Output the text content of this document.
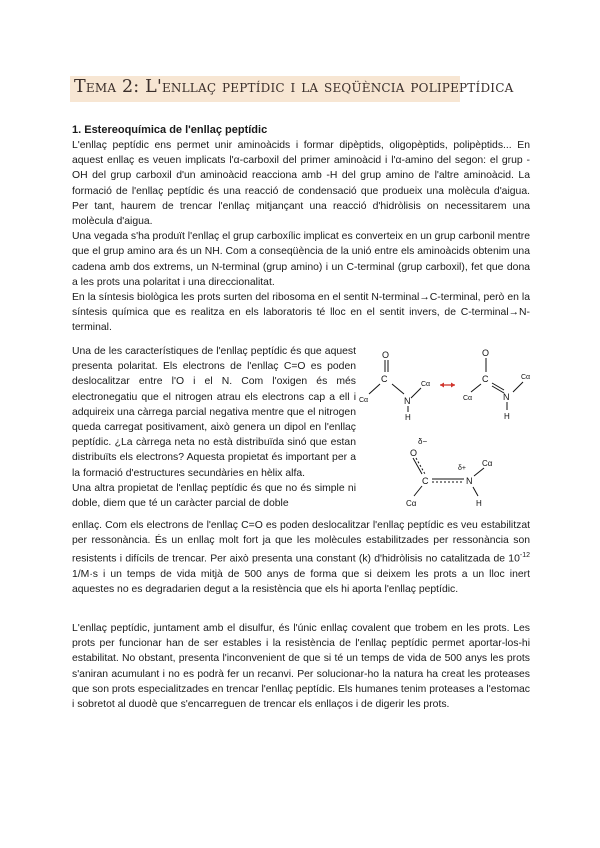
Tema 2: L'enllaç peptídic i la seqüència polipeptídica
1. Estereoquímica de l'enllaç peptídic

L'enllaç peptídic ens permet unir aminoàcids i formar dipèptids, oligopèptids, polipèptids... En aquest enllaç es veuen implicats l'α-carboxil del primer aminoàcid i l'α-amino del segon: el grup -OH del grup carboxil d'un aminoàcid reacciona amb -H del grup amino de l'altre aminoàcid. La formació de l'enllaç peptídic és una reacció de condensació que produeix una molècula d'aigua. Per tant, haurem de trencar l'enllaç mitjançant una reacció d'hidròlisis on necessitarem una molècula d'aigua.

Una vegada s'ha produït l'enllaç el grup carboxílic implicat es converteix en un grup carbonil mentre que el grup amino ara és un NH. Com a conseqüència de la unió entre els aminoàcids obtenim una cadena amb dos extrems, un N-terminal (grup amino) i un C-terminal (grup carboxil), fet que dona a les prots una polaritat i una direccionalitat.

En la síntesis biològica les prots surten del ribosoma en el sentit N-terminal→C-terminal, però en la síntesis química que es realitza en els laboratoris té lloc en el sentit invers, de C-terminal→N-terminal.

Una de les característiques de l'enllaç peptídic és que aquest presenta polaritat. Els electrons de l'enllaç C=O es poden deslocalitzar entre l'O i el N. Com l'oxigen és més electronegatiu que el nitrogen atrau els electrons cap a ell i adquireix una càrrega parcial negativa mentre que el nitrogen queda carregat positivament, això genera un dipol en l'enllaç peptídic. ¿La càrrega neta no està distribuïda sinó que estan distribuïts els electrons? Aquesta propietat és important per a la formació d'estructures secundàries en hèlix alfa.

Una altra propietat de l'enllaç peptídic és que no és simple ni doble, diem que té un caràcter parcial de doble

enllaç. Com els electrons de l'enllaç C=O es poden deslocalitzar l'enllaç peptídic es veu estabilitzat per ressonància. És un enllaç molt fort ja que les molècules estabilitzades per ressonància son resistents i difícils de trencar. Per això presenta una constant (k) d'hidròlisis no catalitzada de $10^{-12}$ 1/M·s i un temps de vida mitjà de 500 anys de forma que si deixem les prots a un lloc inert aquestes no es degradarien degut a la resistència que els hi aporta l'enllaç peptídic.

L'enllaç peptídic, juntament amb el disulfur, és l'únic enllaç covalent que trobem en les prots. Les prots per funcionar han de ser estables i la resistència de l'enllaç peptídic permet aportar-los-hi estabilitat. No obstant, presenta l'inconvenient de que si té un temps de vida de 500 anys les prots s'aniran acumulant i no es podrà fer un recanvi. Per solucionar-ho la natura ha creat les proteases que son prots especialitzades en trencar l'enllaç peptídic. Els humanes tenim proteases a l'estomac i sobretot al duodè que s'encarreguen de trencar els enllaços i de digerir les prots.

O
C
Cα	N
Cα
H
O
C
Cα	N
Cα
H
δ−
O
C
δ+
N
Cα
Cα	H
